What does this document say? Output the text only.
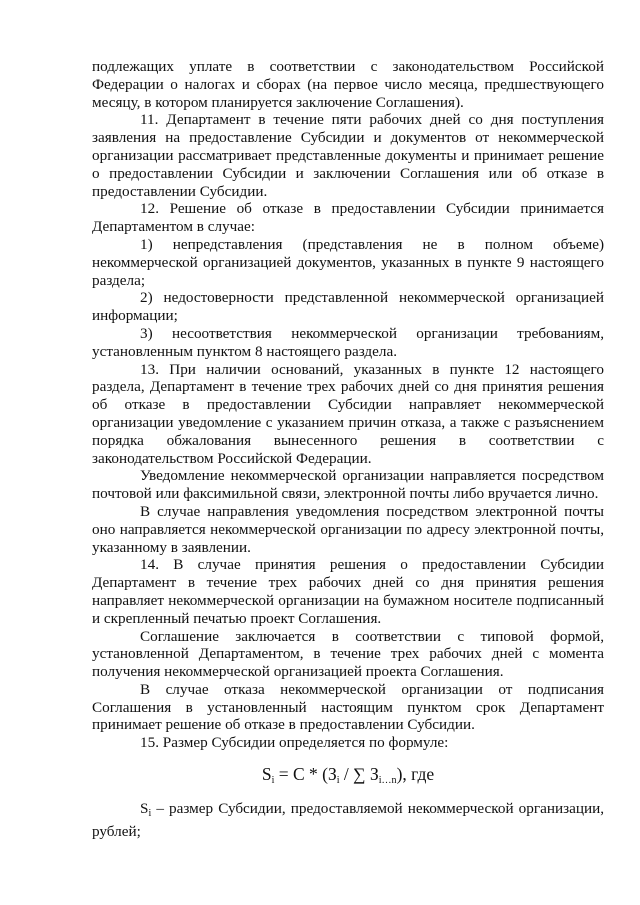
подлежащих уплате в соответствии с законодательством Российской Федерации о налогах и сборах (на первое число месяца, предшествующего месяцу, в котором планируется заключение Соглашения).

11. Департамент в течение пяти рабочих дней со дня поступления заявления на предоставление Субсидии и документов от некоммерческой организации рассматривает представленные документы и принимает решение о предоставлении Субсидии и заключении Соглашения или об отказе в предоставлении Субсидии.

12. Решение об отказе в предоставлении Субсидии принимается Департаментом в случае:

1) непредставления (представления не в полном объеме) некоммерческой организацией документов, указанных в пункте 9 настоящего раздела;

2) недостоверности представленной некоммерческой организацией информации;

3) несоответствия некоммерческой организации требованиям, установленным пунктом 8 настоящего раздела.

13. При наличии оснований, указанных в пункте 12 настоящего раздела, Департамент в течение трех рабочих дней со дня принятия решения об отказе в предоставлении Субсидии направляет некоммерческой организации уведомление с указанием причин отказа, а также с разъяснением порядка обжалования вынесенного решения в соответствии с законодательством Российской Федерации.

Уведомление некоммерческой организации направляется посредством почтовой или факсимильной связи, электронной почты либо вручается лично.

В случае направления уведомления посредством электронной почты оно направляется некоммерческой организации по адресу электронной почты, указанному в заявлении.

14. В случае принятия решения о предоставлении Субсидии Департамент в течение трех рабочих дней со дня принятия решения направляет некоммерческой организации на бумажном носителе подписанный и скрепленный печатью проект Соглашения.

Соглашение заключается в соответствии с типовой формой, установленной Департаментом, в течение трех рабочих дней с момента получения некоммерческой организацией проекта Соглашения.

В случае отказа некоммерческой организации от подписания Соглашения в установленный настоящим пунктом срок Департамент принимает решение об отказе в предоставлении Субсидии.

15. Размер Субсидии определяется по формуле:

$S_i = С * (З_i$ / ∑ $З_{i\dots n}$), где

$S_i$ – размер Субсидии, предоставляемой некоммерческой организации, рублей;
